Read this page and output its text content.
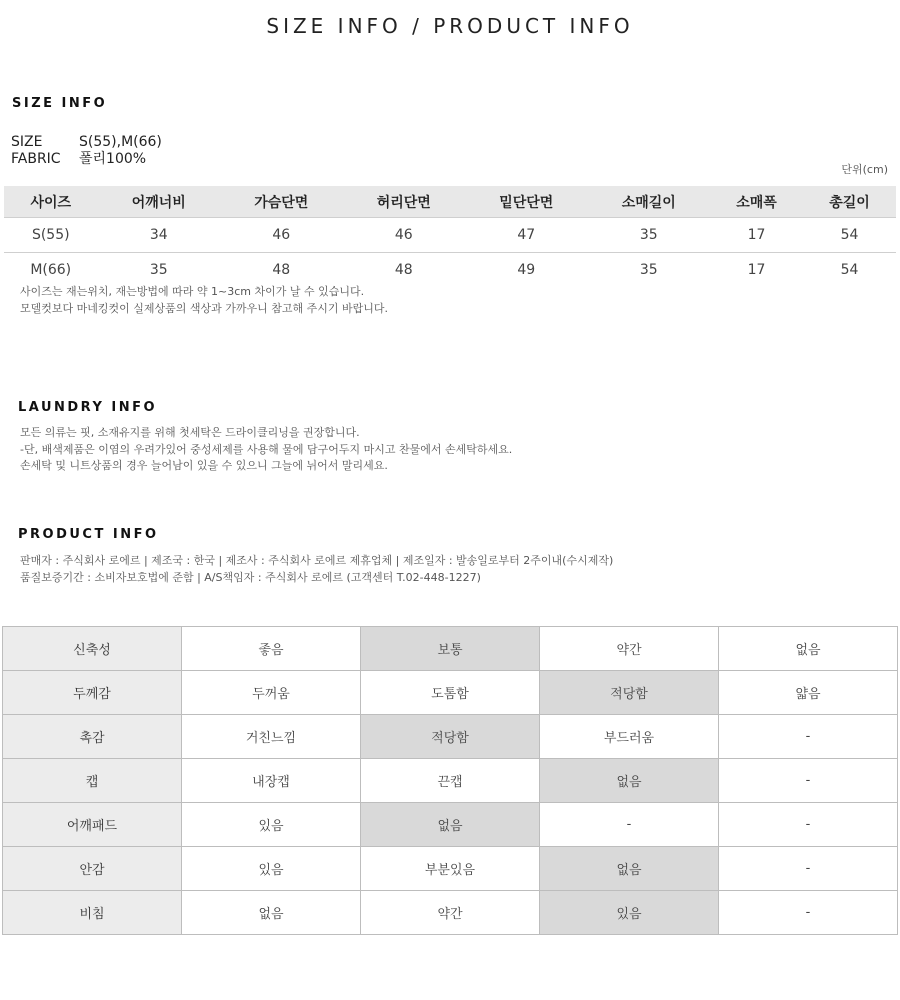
SIZE INFO / PRODUCT INFO
SIZE INFO
SIZE	S(55),M(66)
FABRIC	폴리100%
단위(cm)
사이즈	어깨너비	가슴단면	허리단면	밑단단면	소매길이	소매폭	총길이
S(55)	34	46	46	47	35	17	54
M(66)	35	48	48	49	35	17	54
사이즈는 재는위치, 재는방법에 따라 약 1~3cm 차이가 날 수 있습니다.
모델컷보다 마네킹컷이 실제상품의 색상과 가까우니 참고해 주시기 바랍니다.
LAUNDRY INFO
모든 의류는 핏, 소재유지를 위해 첫세탁은 드라이클리닝을 권장합니다.
-단, 배색제품은 이염의 우려가있어 중성세제를 사용해 물에 담구어두지 마시고 찬물에서 손세탁하세요.
손세탁 및 니트상품의 경우 늘어남이 있을 수 있으니 그늘에 뉘어서 말리세요.
PRODUCT INFO
판매자 : 주식회사 로에르 | 제조국 : 한국 | 제조사 : 주식회사 로에르 제휴업체 | 제조일자 : 발송일로부터 2주이내(수시제작)
품질보증기간 : 소비자보호법에 준함 | A/S책임자 : 주식회사 로에르 (고객센터 T.02-448-1227)
신축성	좋음	보통	약간	없음
두께감	두꺼움	도톰함	적당함	얇음
촉감	거친느낌	적당함	부드러움	-
캡	내장캡	끈캡	없음	-
어깨패드	있음	없음	-	-
안감	있음	부분있음	없음	-
비침	없음	약간	있음	-
